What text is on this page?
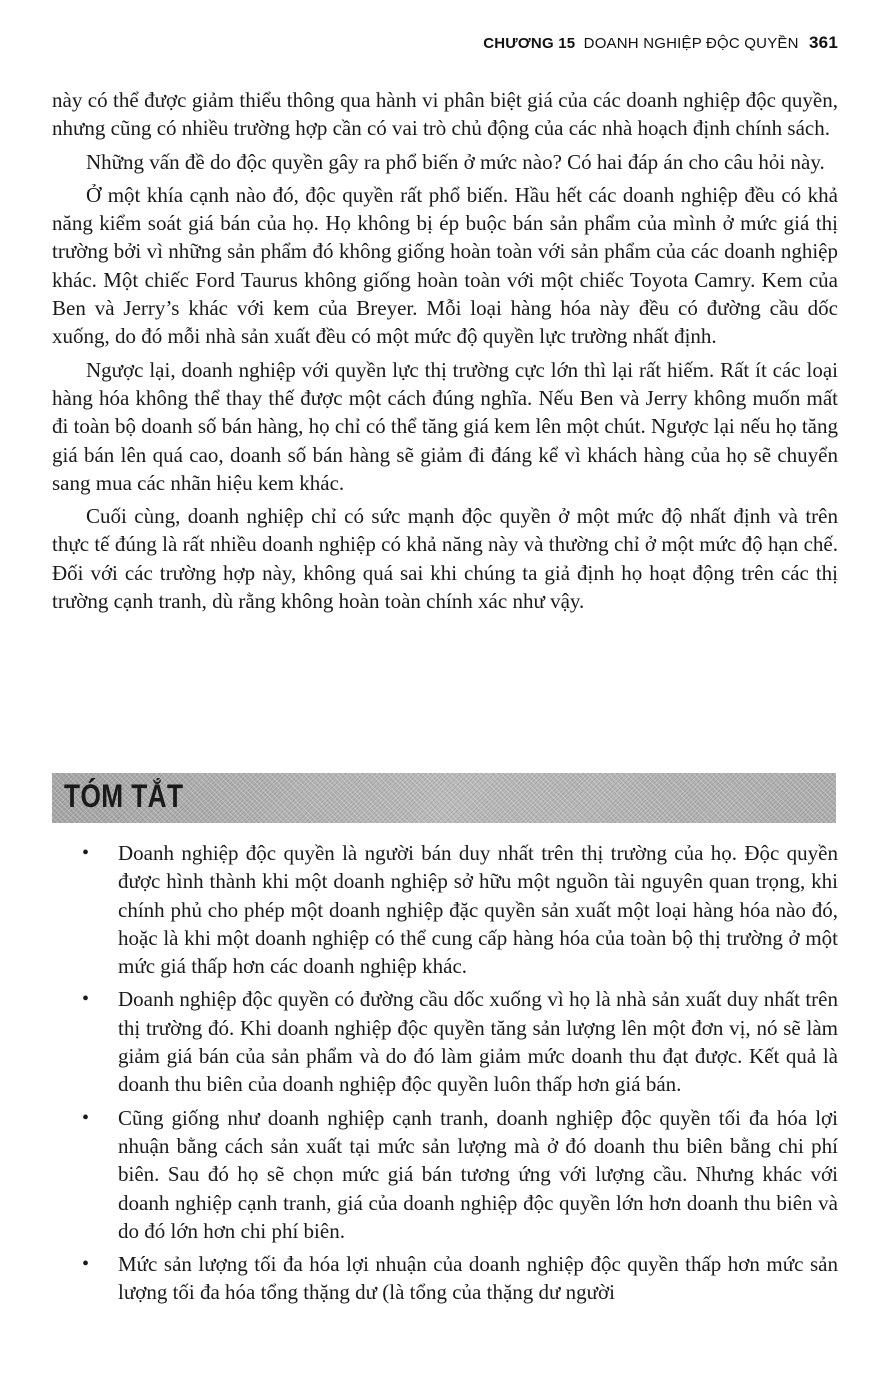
CHƯƠNG 15 DOANH NGHIỆP ĐỘC QUYỀN 361

này có thể được giảm thiểu thông qua hành vi phân biệt giá của các doanh nghiệp độc quyền, nhưng cũng có nhiều trường hợp cần có vai trò chủ động của các nhà hoạch định chính sách.

Những vấn đề do độc quyền gây ra phổ biến ở mức nào? Có hai đáp án cho câu hỏi này.

Ở một khía cạnh nào đó, độc quyền rất phổ biến. Hầu hết các doanh nghiệp đều có khả năng kiểm soát giá bán của họ. Họ không bị ép buộc bán sản phẩm của mình ở mức giá thị trường bởi vì những sản phẩm đó không giống hoàn toàn với sản phẩm của các doanh nghiệp khác. Một chiếc Ford Taurus không giống hoàn toàn với một chiếc Toyota Camry. Kem của Ben và Jerry’s khác với kem của Breyer. Mỗi loại hàng hóa này đều có đường cầu dốc xuống, do đó mỗi nhà sản xuất đều có một mức độ quyền lực trường nhất định.

Ngược lại, doanh nghiệp với quyền lực thị trường cực lớn thì lại rất hiếm. Rất ít các loại hàng hóa không thể thay thế được một cách đúng nghĩa. Nếu Ben và Jerry không muốn mất đi toàn bộ doanh số bán hàng, họ chỉ có thể tăng giá kem lên một chút. Ngược lại nếu họ tăng giá bán lên quá cao, doanh số bán hàng sẽ giảm đi đáng kể vì khách hàng của họ sẽ chuyển sang mua các nhãn hiệu kem khác.

Cuối cùng, doanh nghiệp chỉ có sức mạnh độc quyền ở một mức độ nhất định và trên thực tế đúng là rất nhiều doanh nghiệp có khả năng này và thường chỉ ở một mức độ hạn chế. Đối với các trường hợp này, không quá sai khi chúng ta giả định họ hoạt động trên các thị trường cạnh tranh, dù rằng không hoàn toàn chính xác như vậy.

TÓM TẮT
• Doanh nghiệp độc quyền là người bán duy nhất trên thị trường của họ. Độc quyền được hình thành khi một doanh nghiệp sở hữu một nguồn tài nguyên quan trọng, khi chính phủ cho phép một doanh nghiệp đặc quyền sản xuất một loại hàng hóa nào đó, hoặc là khi một doanh nghiệp có thể cung cấp hàng hóa của toàn bộ thị trường ở một mức giá thấp hơn các doanh nghiệp khác.
• Doanh nghiệp độc quyền có đường cầu dốc xuống vì họ là nhà sản xuất duy nhất trên thị trường đó. Khi doanh nghiệp độc quyền tăng sản lượng lên một đơn vị, nó sẽ làm giảm giá bán của sản phẩm và do đó làm giảm mức doanh thu đạt được. Kết quả là doanh thu biên của doanh nghiệp độc quyền luôn thấp hơn giá bán.
• Cũng giống như doanh nghiệp cạnh tranh, doanh nghiệp độc quyền tối đa hóa lợi nhuận bằng cách sản xuất tại mức sản lượng mà ở đó doanh thu biên bằng chi phí biên. Sau đó họ sẽ chọn mức giá bán tương ứng với lượng cầu. Nhưng khác với doanh nghiệp cạnh tranh, giá của doanh nghiệp độc quyền lớn hơn doanh thu biên và do đó lớn hơn chi phí biên.
• Mức sản lượng tối đa hóa lợi nhuận của doanh nghiệp độc quyền thấp hơn mức sản lượng tối đa hóa tổng thặng dư (là tổng của thặng dư người
